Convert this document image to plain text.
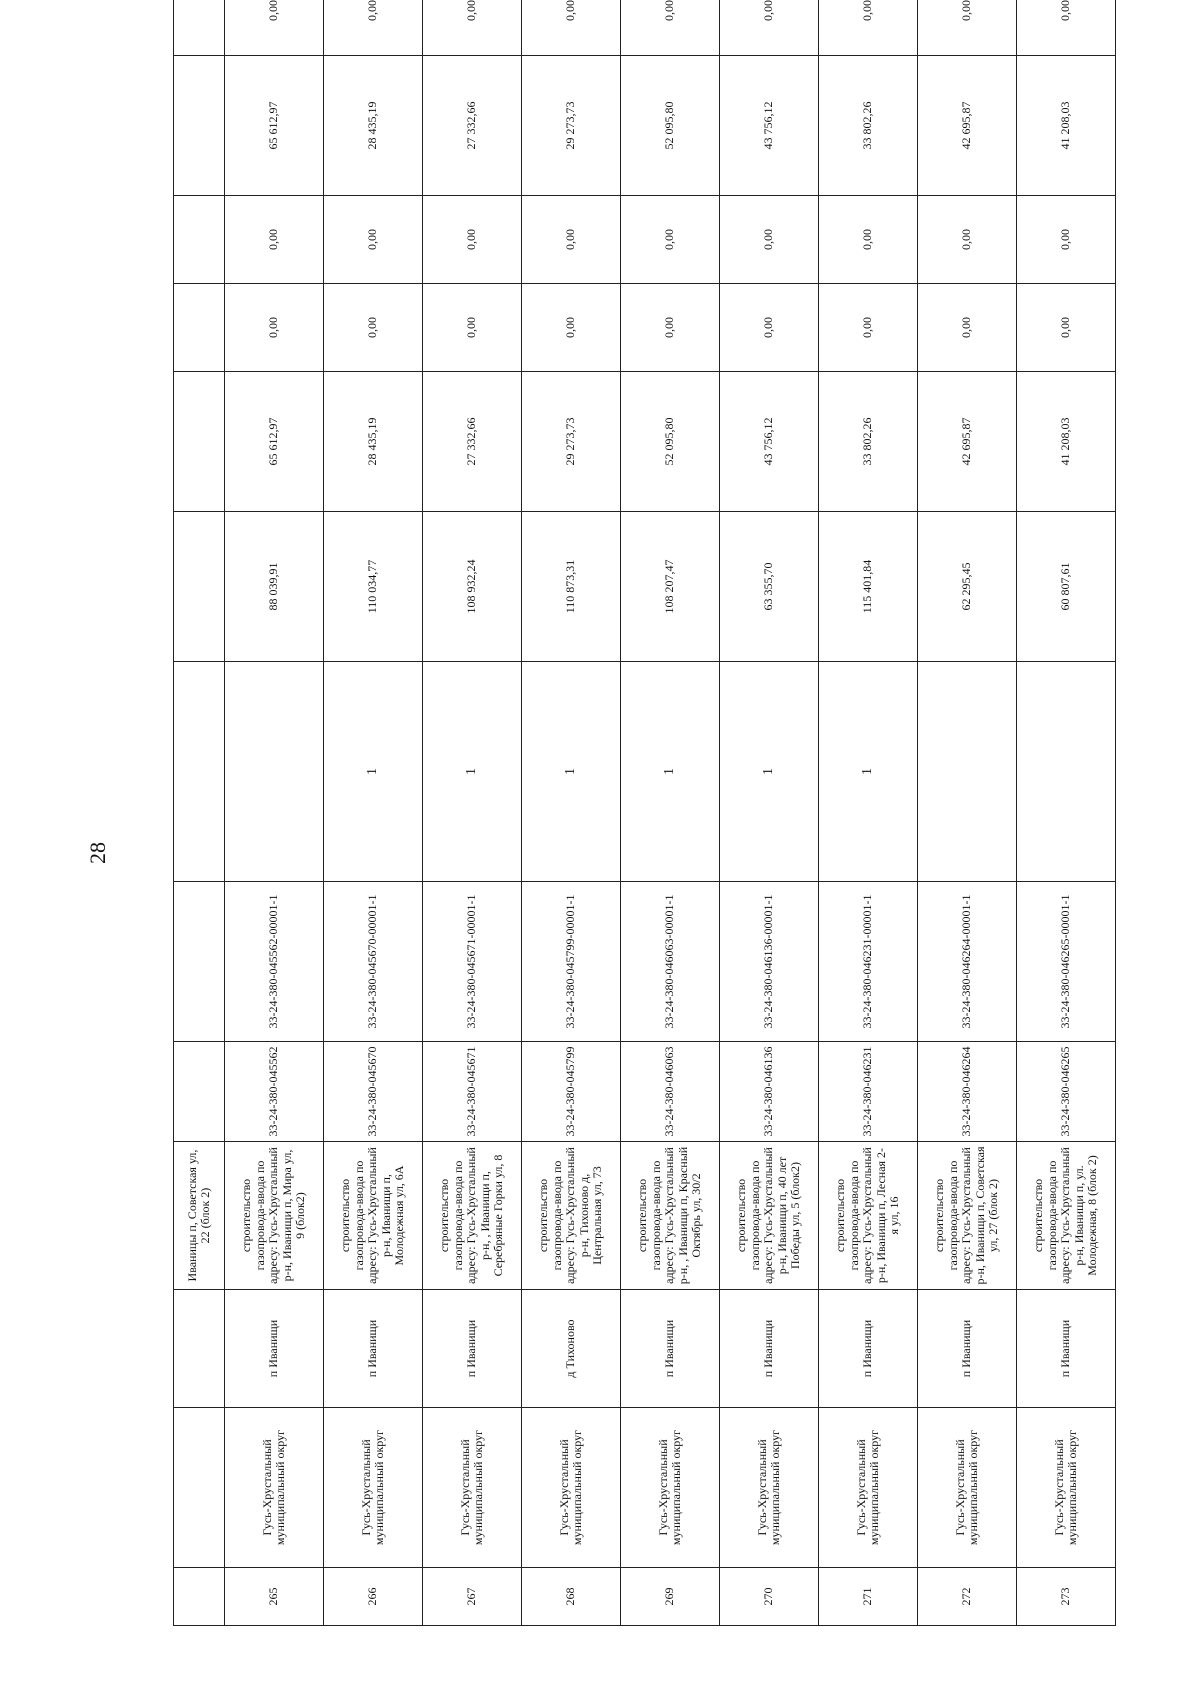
28
			Иваницы п, Советская ул, 22 (блок 2)									
265	Гусь-Хрустальный муниципальный округ	п Иванищи	строительство газопровода-ввода по адресу: Гусь-Хрустальный р-н, Иванищи п, Мира ул, 9 (блок2)	33-24-380-045562	33-24-380-045562-00001-1		88 039,91	65 612,97	0,00	0,00	65 612,97	0,00
266	Гусь-Хрустальный муниципальный округ	п Иванищи	строительство газопровода-ввода по адресу: Гусь-Хрустальный р-н, Иванищи п, Молодежная ул, 6А	33-24-380-045670	33-24-380-045670-00001-1	1	110 034,77	28 435,19	0,00	0,00	28 435,19	0,00
267	Гусь-Хрустальный муниципальный округ	п Иванищи	строительство газопровода-ввода по адресу: Гусь-Хрустальный р-н, , Иванищи п, Серебряные Горки ул, 8	33-24-380-045671	33-24-380-045671-00001-1	1	108 932,24	27 332,66	0,00	0,00	27 332,66	0,00
268	Гусь-Хрустальный муниципальный округ	д Тихоново	строительство газопровода-ввода по адресу: Гусь-Хрустальный р-н, Тихоново д, Центральная ул, 73	33-24-380-045799	33-24-380-045799-00001-1	1	110 873,31	29 273,73	0,00	0,00	29 273,73	0,00
269	Гусь-Хрустальный муниципальный округ	п Иванищи	строительство газопровода-ввода по адресу: Гусь-Хрустальный р-н, , Иванищи п, Красный Октябрь ул, 30/2	33-24-380-046063	33-24-380-046063-00001-1	1	108 207,47	52 095,80	0,00	0,00	52 095,80	0,00
270	Гусь-Хрустальный муниципальный округ	п Иванищи	строительство газопровода-ввода по адресу: Гусь-Хрустальный р-н, Иванищи п, 40 лет Победы ул, 5 (блок2)	33-24-380-046136	33-24-380-046136-00001-1	1	63 355,70	43 756,12	0,00	0,00	43 756,12	0,00
271	Гусь-Хрустальный муниципальный округ	п Иванищи	строительство газопровода-ввода по адресу: Гусь-Хрустальный р-н, Иванищи п, Лесная 2-я ул, 16	33-24-380-046231	33-24-380-046231-00001-1	1	115 401,84	33 802,26	0,00	0,00	33 802,26	0,00
272	Гусь-Хрустальный муниципальный округ	п Иванищи	строительство газопровода-ввода по адресу: Гусь-Хрустальный р-н, Иванищи п, Советская ул, 27 (блок 2)	33-24-380-046264	33-24-380-046264-00001-1		62 295,45	42 695,87	0,00	0,00	42 695,87	0,00
273	Гусь-Хрустальный муниципальный округ	п Иванищи	строительство газопровода-ввода по адресу: Гусь-Хрустальный р-н, Иванищи п, ул. Молодежная, 8 (блок 2)	33-24-380-046265	33-24-380-046265-00001-1		60 807,61	41 208,03	0,00	0,00	41 208,03	0,00
